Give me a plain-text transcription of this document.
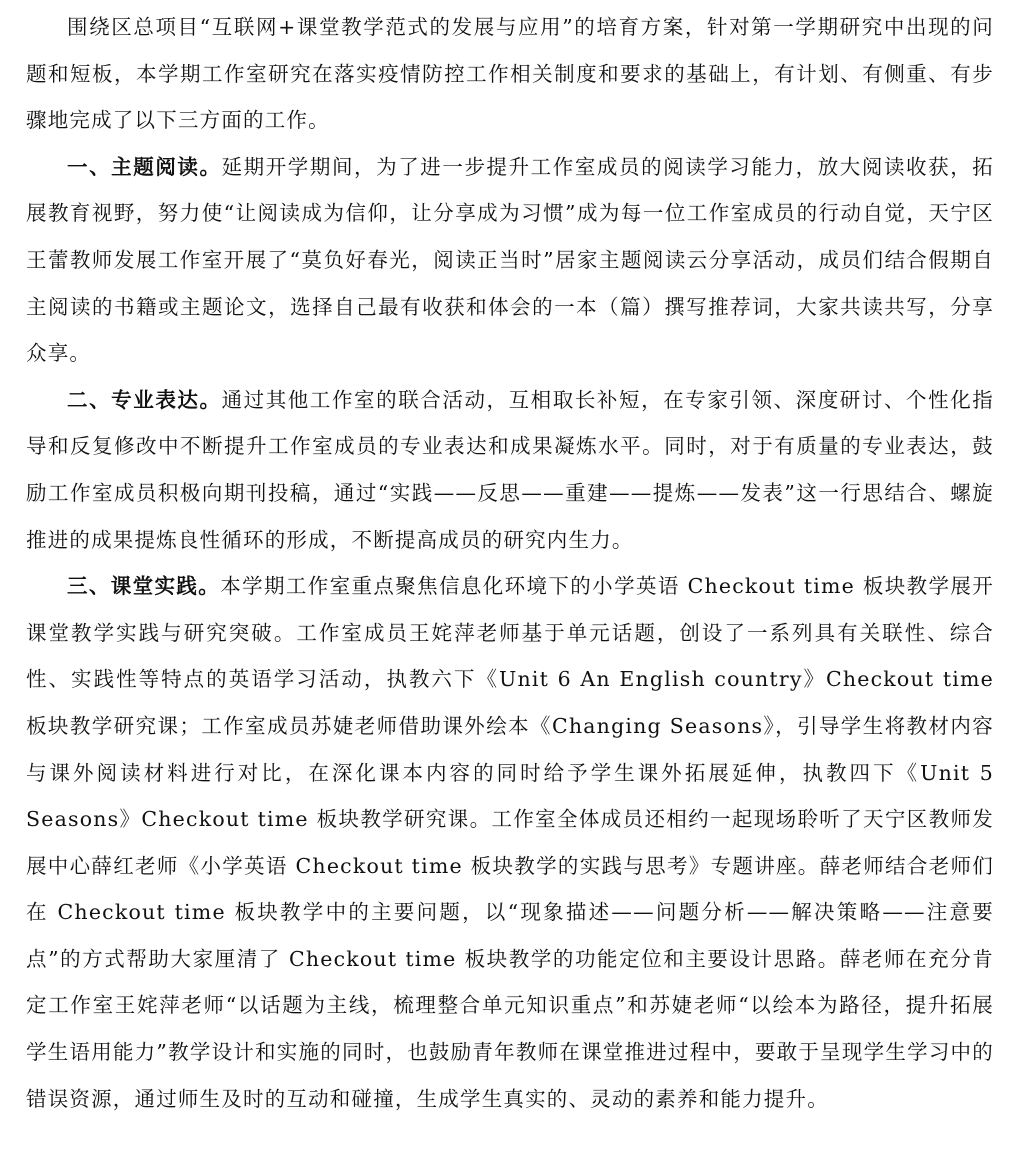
围绕区总项目“互联网+课堂教学范式的发展与应用”的培育方案，针对第一学期研究中出现的问题和短板，本学期工作室研究在落实疫情防控工作相关制度和要求的基础上，有计划、有侧重、有步骤地完成了以下三方面的工作。

一、主题阅读。延期开学期间，为了进一步提升工作室成员的阅读学习能力，放大阅读收获，拓展教育视野，努力使“让阅读成为信仰，让分享成为习惯”成为每一位工作室成员的行动自觉，天宁区王蕾教师发展工作室开展了“莫负好春光，阅读正当时”居家主题阅读云分享活动，成员们结合假期自主阅读的书籍或主题论文，选择自己最有收获和体会的一本（篇）撰写推荐词，大家共读共写，分享众享。

二、专业表达。通过其他工作室的联合活动，互相取长补短，在专家引领、深度研讨、个性化指导和反复修改中不断提升工作室成员的专业表达和成果凝炼水平。同时，对于有质量的专业表达，鼓励工作室成员积极向期刊投稿，通过“实践——反思——重建——提炼——发表”这一行思结合、螺旋推进的成果提炼良性循环的形成，不断提高成员的研究内生力。

三、课堂实践。本学期工作室重点聚焦信息化环境下的小学英语 Checkout time 板块教学展开课堂教学实践与研究突破。工作室成员王姹萍老师基于单元话题，创设了一系列具有关联性、综合性、实践性等特点的英语学习活动，执教六下《Unit 6 An English country》Checkout time 板块教学研究课；工作室成员苏婕老师借助课外绘本《Changing Seasons》，引导学生将教材内容与课外阅读材料进行对比，在深化课本内容的同时给予学生课外拓展延伸，执教四下《Unit 5 Seasons》Checkout time 板块教学研究课。工作室全体成员还相约一起现场聆听了天宁区教师发展中心薛红老师《小学英语 Checkout time 板块教学的实践与思考》专题讲座。薛老师结合老师们在 Checkout time 板块教学中的主要问题，以“现象描述——问题分析——解决策略——注意要点”的方式帮助大家厘清了 Checkout time 板块教学的功能定位和主要设计思路。薛老师在充分肯定工作室王姹萍老师“以话题为主线，梳理整合单元知识重点”和苏婕老师“以绘本为路径，提升拓展学生语用能力”教学设计和实施的同时，也鼓励青年教师在课堂推进过程中，要敢于呈现学生学习中的错误资源，通过师生及时的互动和碰撞，生成学生真实的、灵动的素养和能力提升。
